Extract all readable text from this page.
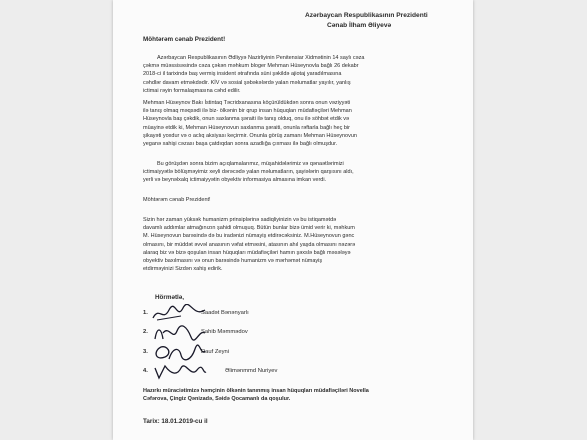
Azərbaycan Respublikasının Prezidenti
Cənab İlham Əliyevə
Möhtərəm cənab Prezident!

Azərbaycan Respublikasının Ədliyyə Nazirliyinin Penitensiar Xidmətinin 14 saylı cəza

çəkmə müəssisəsində cəza çəkən məhkum bloger Mehman Hüseynovla bağlı 26 dekabr

2018-ci il tarixində baş vermiş insident ətrafında süni şəkildə ajiotaj yaradılmasına

cəhdlər davam etməkdədir. KİV və sosial şəbəkələrdə yalan məlumatlar yayılır, yanlış

ictimai rəyin formalaşmasına cəhd edilir.

Mehman Hüseynov Bakı İstintaq Təcridxanasına köçürüldükdən sonra onun vəziyyəti

ilə tanış olmaq məqsədi ilə biz- ölkənin bir qrup insan hüquqları müdafiəçiləri Mehman

Hüseynovla baş çəkdik, onun saxlanma şəraiti ilə tanış olduq, onu ilə söhbət etdik və

müayinə etdik ki, Mehman Hüseynovun saxlanma şəraiti, onunla rəftarla bağlı heç bir

şikayəti yoxdur və o aclıq aksiyası keçirmir. Onunla görüş zamanı Mehman Hüseynovun

yeganə xahişi cəzası başa çatdıqdan sonra azadlığa çıxması ilə bağlı olmuşdur.

Bu görüşdən sonra bizim açıqlamalarımız, müşahidələrimiz və qənaətlərimizi

ictimaiyyətlə bölüşməyimiz xeyli dərəcədə yalan məlumatların, şayiələrin qarşısını aldı,

yerli və beynəlxalq ictimaiyyətin obyektiv informasiya almasına imkan verdi.

Möhtərəm cənab Prezident!

Sizin hər zaman yüksək humanizm prinsiplərinə sadiqliyinizin və bu istiqamətdə

davamlı addımlar atmağınızın şahidi olmuşuq. Bütün bunlar bizə ümid verir ki, məhkum

M. Hüseynovun barəsində də bu iradənizi nümayiş etdirəcəksiniz. M.Hüseynovun gənc

olmasını, bir müddət əvvəl anasının vəfat etməsini, atasının ahıl yaşda olmasını nəzərə

alaraq biz və bizə qoşulan insan hüquqları müdafiəçiləri hamın şəxslə bağlı məsələyə

obyektiv baxılmasını və onun barəsində humanizm və mərhəmət nümayiş

etdirməyinizi Sizdən xahiş edirik.

Hörmətlə,
1.	Saadət Bənənyarlı
2.	Sahib Məmmədov
3.	Rauf Zeyni
4.	Əlimənmmd Nuriyev

Hazırkı müraciətimizə həmçinin ölkənin tanınmış insan hüquqları müdafiəçiləri Novella

Cəfərova, Çingiz Qənizadə, Səidə Qocamanlı da qoşulur.

Tarix: 18.01.2019-cu il
